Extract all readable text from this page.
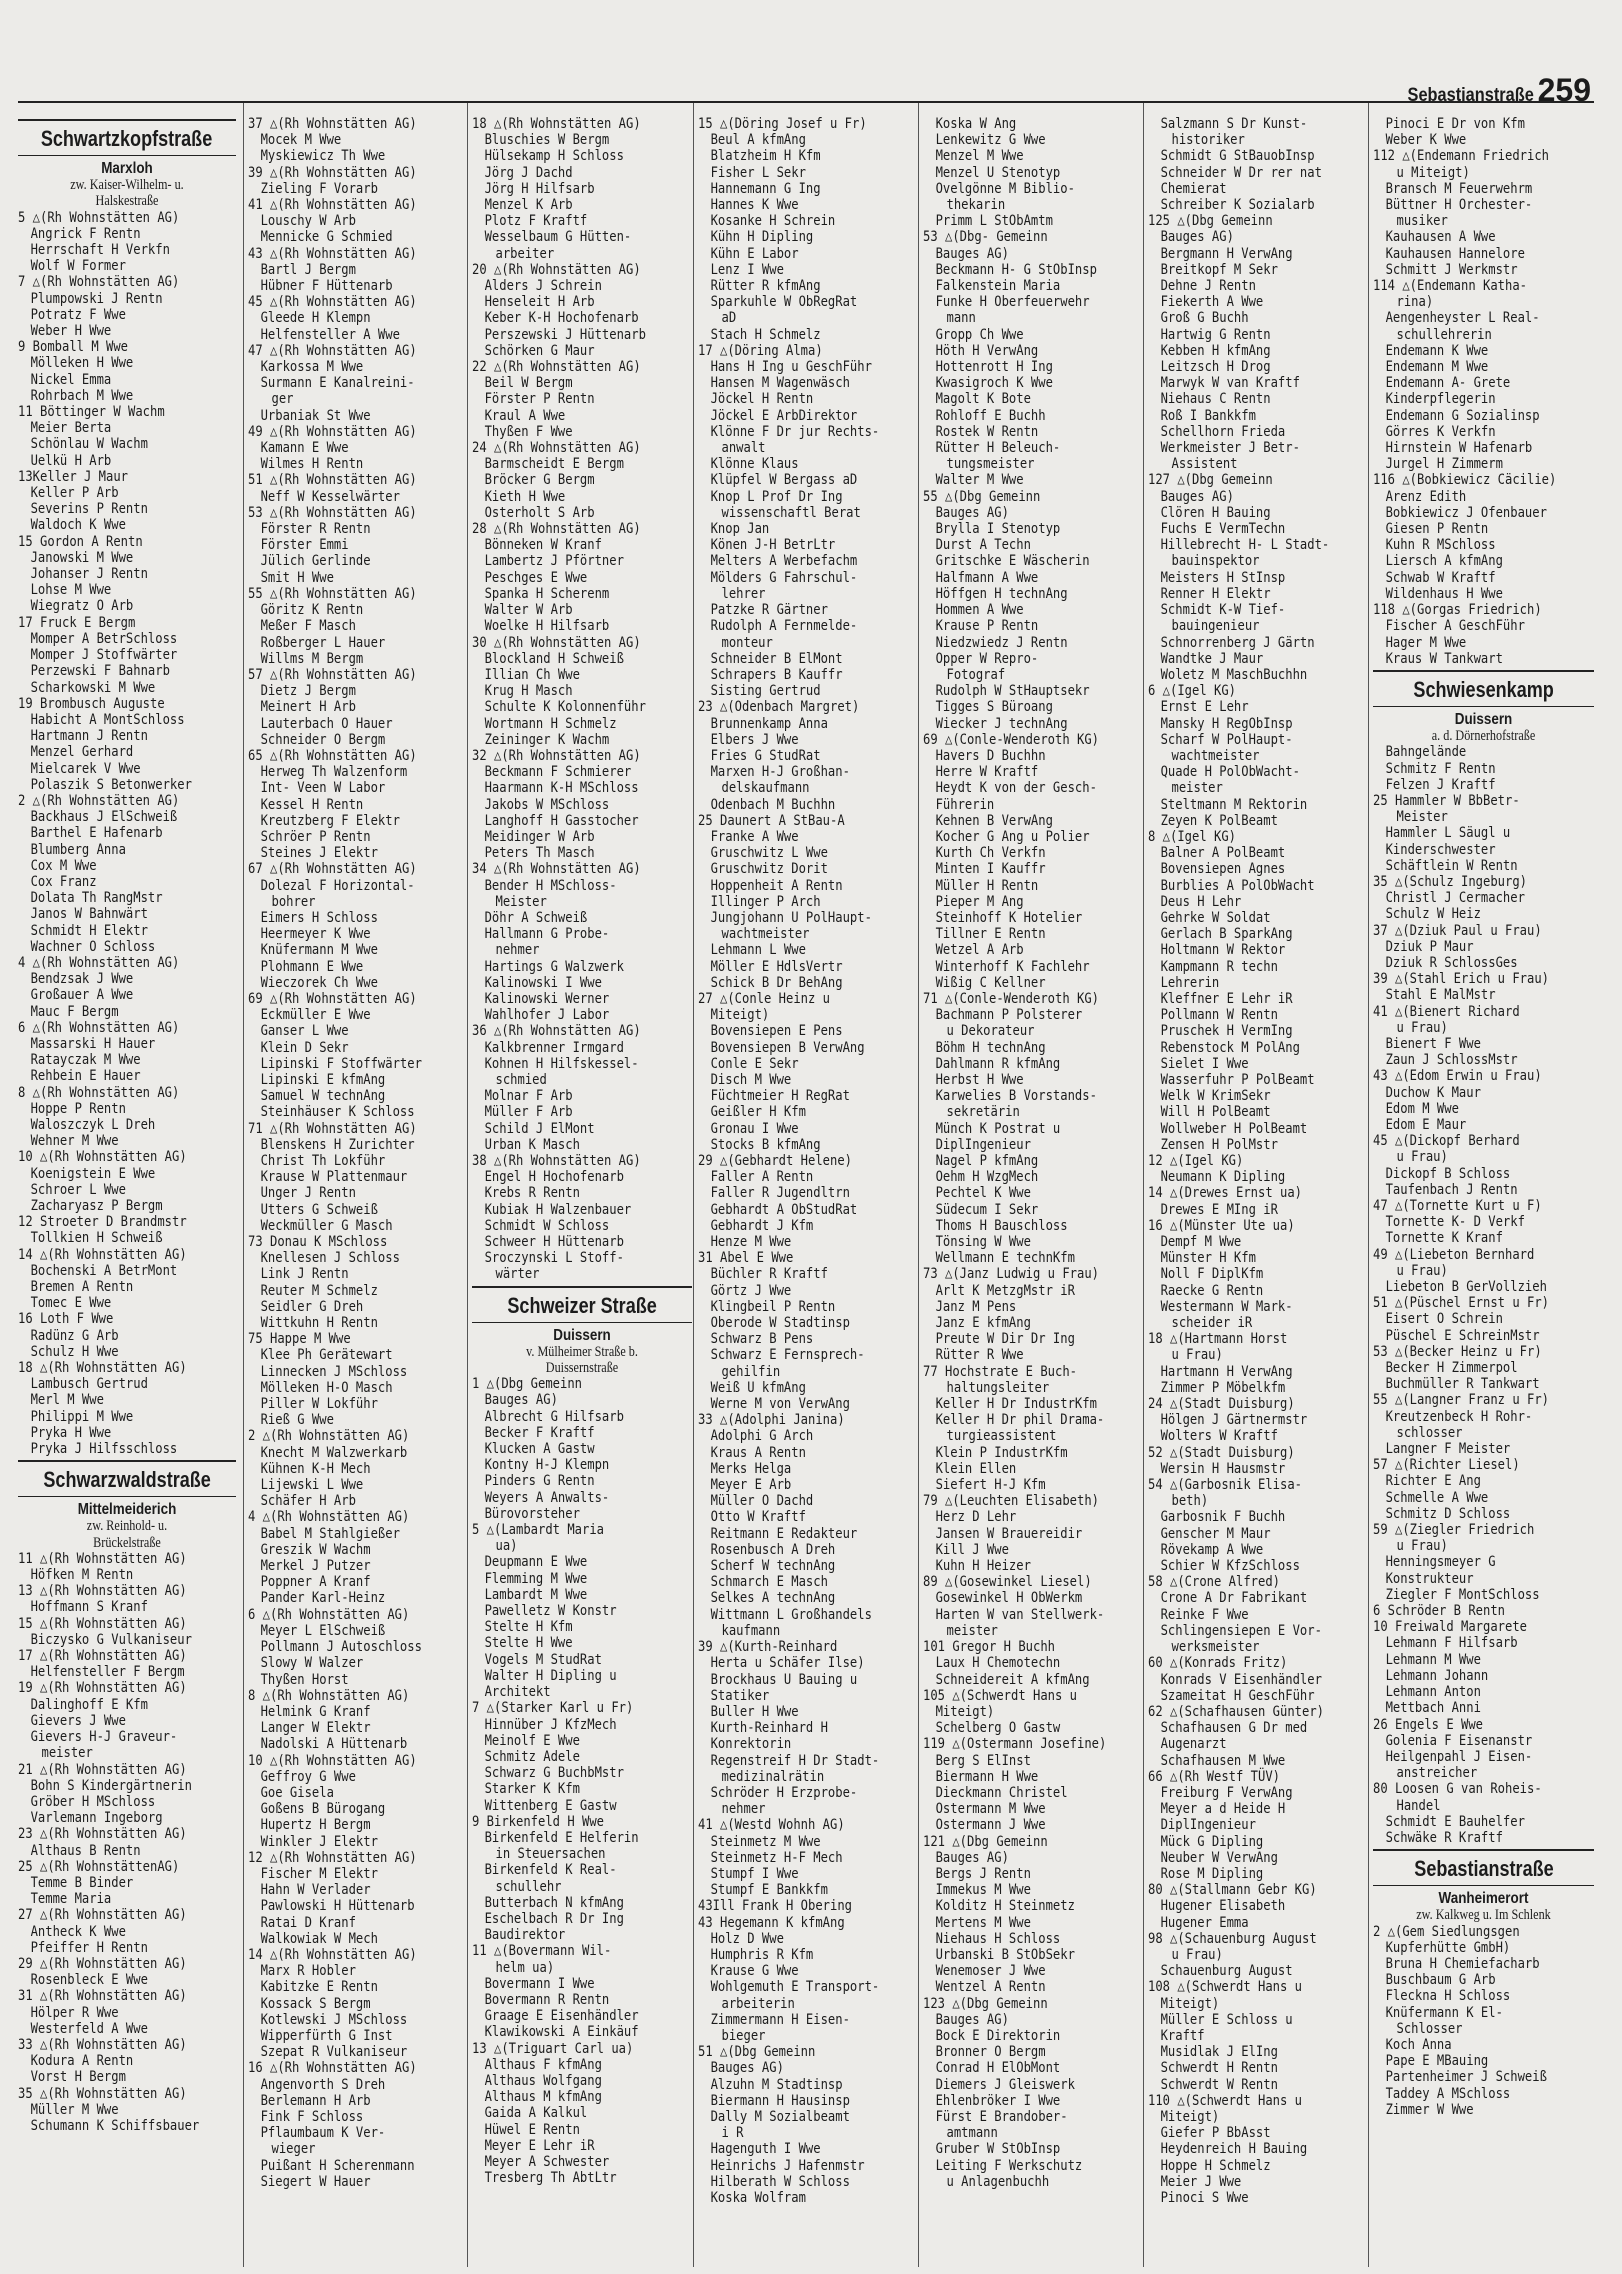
Sebastianstraße 259
Schwartzkopfstraße
Marxloh
zw. Kaiser-Wilhelm- u.
Halskestraße
5 △(Rh Wohnstätten AG)
Angrick F Rentn
Herrschaft H Verkfn
Wolf W Former
7 △(Rh Wohnstätten AG)
Plumpowski J Rentn
Potratz F Wwe
Weber H Wwe
9 Bomball M Wwe
Mölleken H Wwe
Nickel Emma
Rohrbach M Wwe
11 Böttinger W Wachm
Meier Berta
Schönlau W Wachm
Uelkü H Arb
13Keller J Maur
Keller P Arb
Severins P Rentn
Waldoch K Wwe
15 Gordon A Rentn
Janowski M Wwe
Johanser J Rentn
Lohse M Wwe
Wiegratz O Arb
17 Fruck E Bergm
Momper A BetrSchloss
Momper J Stoffwärter
Perzewski F Bahnarb
Scharkowski M Wwe
19 Brombusch Auguste
Habicht A MontSchloss
Hartmann J Rentn
Menzel Gerhard
Mielcarek V Wwe
Polaszik S Betonwerker
2 △(Rh Wohnstätten AG)
Backhaus J ElSchweiß
Barthel E Hafenarb
Blumberg Anna
Cox M Wwe
Cox Franz
Dolata Th RangMstr
Janos W Bahnwärt
Schmidt H Elektr
Wachner O Schloss
4 △(Rh Wohnstätten AG)
Bendzsak J Wwe
Großauer A Wwe
Mauc F Bergm
6 △(Rh Wohnstätten AG)
Massarski H Hauer
Ratayczak M Wwe
Rehbein E Hauer
8 △(Rh Wohnstätten AG)
Hoppe P Rentn
Waloszczyk L Dreh
Wehner M Wwe
10 △(Rh Wohnstätten AG)
Koenigstein E Wwe
Schroer L Wwe
Zacharyasz P Bergm
12 Stroeter D Brandmstr
Tollkien H Schweiß
14 △(Rh Wohnstätten AG)
Bochenski A BetrMont
Bremen A Rentn
Tomec E Wwe
16 Loth F Wwe
Radünz G Arb
Schulz H Wwe
18 △(Rh Wohnstätten AG)
Lambusch Gertrud
Merl M Wwe
Philippi M Wwe
Pryka H Wwe
Pryka J Hilfsschloss
Schwarzwaldstraße
Mittelmeiderich
zw. Reinhold- u.
Brückelstraße
11 △(Rh Wohnstätten AG)
Höfken M Rentn
13 △(Rh Wohnstätten AG)
Hoffmann S Kranf
15 △(Rh Wohnstätten AG)
Biczysko G Vulkaniseur
17 △(Rh Wohnstätten AG)
Helfensteller F Bergm
19 △(Rh Wohnstätten AG)
Dalinghoff E Kfm
Gievers J Wwe
Gievers H-J Graveur-
meister
21 △(Rh Wohnstätten AG)
Bohn S Kindergärtnerin
Gröber H MSchloss
Varlemann Ingeborg
23 △(Rh Wohnstätten AG)
Althaus B Rentn
25 △(Rh WohnstättenAG)
Temme B Binder
Temme Maria
27 △(Rh Wohnstätten AG)
Antheck K Wwe
Pfeiffer H Rentn
29 △(Rh Wohnstätten AG)
Rosenbleck E Wwe
31 △(Rh Wohnstätten AG)
Hölper R Wwe
Westerfeld A Wwe
33 △(Rh Wohnstätten AG)
Kodura A Rentn
Vorst H Bergm
35 △(Rh Wohnstätten AG)
Müller M Wwe
Schumann K Schiffsbauer
37 △(Rh Wohnstätten AG)
Mocek M Wwe
Myskiewicz Th Wwe
39 △(Rh Wohnstätten AG)
Zieling F Vorarb
41 △(Rh Wohnstätten AG)
Louschy W Arb
Mennicke G Schmied
43 △(Rh Wohnstätten AG)
Bartl J Bergm
Hübner F Hüttenarb
45 △(Rh Wohnstätten AG)
Gleede H Klempn
Helfensteller A Wwe
47 △(Rh Wohnstätten AG)
Karkossa M Wwe
Surmann E Kanalreini-
ger
Urbaniak St Wwe
49 △(Rh Wohnstätten AG)
Kamann E Wwe
Wilmes H Rentn
51 △(Rh Wohnstätten AG)
Neff W Kesselwärter
53 △(Rh Wohnstätten AG)
Förster R Rentn
Förster Emmi
Jülich Gerlinde
Smit H Wwe
55 △(Rh Wohnstätten AG)
Göritz K Rentn
Meßer F Masch
Roßberger L Hauer
Willms M Bergm
57 △(Rh Wohnstätten AG)
Dietz J Bergm
Meinert H Arb
Lauterbach O Hauer
Schneider O Bergm
65 △(Rh Wohnstätten AG)
Herweg Th Walzenform
Int- Veen W Labor
Kessel H Rentn
Kreutzberg F Elektr
Schröer P Rentn
Steines J Elektr
67 △(Rh Wohnstätten AG)
Dolezal F Horizontal-
bohrer
Eimers H Schloss
Heermeyer K Wwe
Knüfermann M Wwe
Plohmann E Wwe
Wieczorek Ch Wwe
69 △(Rh Wohnstätten AG)
Eckmüller E Wwe
Ganser L Wwe
Klein D Sekr
Lipinski F Stoffwärter
Lipinski E kfmAng
Samuel W technAng
Steinhäuser K Schloss
71 △(Rh Wohnstätten AG)
Blenskens H Zurichter
Christ Th Lokführ
Krause W Plattenmaur
Unger J Rentn
Utters G Schweiß
Weckmüller G Masch
73 Donau K MSchloss
Knellesen J Schloss
Link J Rentn
Reuter M Schmelz
Seidler G Dreh
Wittkuhn H Rentn
75 Happe M Wwe
Klee Ph Gerätewart
Linnecken J MSchloss
Mölleken H-O Masch
Piller W Lokführ
Rieß G Wwe
2 △(Rh Wohnstätten AG)
Knecht M Walzwerkarb
Kühnen K-H Mech
Lijewski L Wwe
Schäfer H Arb
4 △(Rh Wohnstätten AG)
Babel M Stahlgießer
Greszik W Wachm
Merkel J Putzer
Poppner A Kranf
Pander Karl-Heinz
6 △(Rh Wohnstätten AG)
Meyer L ElSchweiß
Pollmann J Autoschloss
Slowy W Walzer
Thyßen Horst
8 △(Rh Wohnstätten AG)
Helmink G Kranf
Langer W Elektr
Nadolski A Hüttenarb
10 △(Rh Wohnstätten AG)
Geffroy G Wwe
Goe Gisela
Goßens B Bürogang
Hupertz H Bergm
Winkler J Elektr
12 △(Rh Wohnstätten AG)
Fischer M Elektr
Hahn W Verlader
Pawlowski H Hüttenarb
Ratai D Kranf
Walkowiak W Mech
14 △(Rh Wohnstätten AG)
Marx R Hobler
Kabitzke E Rentn
Kossack S Bergm
Kotlewski J MSchloss
Wipperfürth G Inst
Szepat R Vulkaniseur
16 △(Rh Wohnstätten AG)
Angenvorth S Dreh
Berlemann H Arb
Fink F Schloss
Pflaumbaum K Ver-
wieger
Puißant H Scherenmann
Siegert W Hauer
18 △(Rh Wohnstätten AG)
Bluschies W Bergm
Hülsekamp H Schloss
Jörg J Dachd
Jörg H Hilfsarb
Menzel K Arb
Plotz F Kraftf
Wesselbaum G Hütten-
arbeiter
20 △(Rh Wohnstätten AG)
Alders J Schrein
Henseleit H Arb
Keber K-H Hochofenarb
Perszewski J Hüttenarb
Schörken G Maur
22 △(Rh Wohnstätten AG)
Beil W Bergm
Förster P Rentn
Kraul A Wwe
Thyßen F Wwe
24 △(Rh Wohnstätten AG)
Barmscheidt E Bergm
Bröcker G Bergm
Kieth H Wwe
Osterholt S Arb
28 △(Rh Wohnstätten AG)
Bönneken W Kranf
Lambertz J Pförtner
Peschges E Wwe
Spanka H Scherenm
Walter W Arb
Woelke H Hilfsarb
30 △(Rh Wohnstätten AG)
Blockland H Schweiß
Illian Ch Wwe
Krug H Masch
Schulte K Kolonnenführ
Wortmann H Schmelz
Zeininger K Wachm
32 △(Rh Wohnstätten AG)
Beckmann F Schmierer
Haarmann K-H MSchloss
Jakobs W MSchloss
Langhoff H Gasstocher
Meidinger W Arb
Peters Th Masch
34 △(Rh Wohnstätten AG)
Bender H MSchloss-
Meister
Döhr A Schweiß
Hallmann G Probe-
nehmer
Hartings G Walzwerk
Kalinowski I Wwe
Kalinowski Werner
Wahlhofer J Labor
36 △(Rh Wohnstätten AG)
Kalkbrenner Irmgard
Kohnen H Hilfskessel-
schmied
Molnar F Arb
Müller F Arb
Schild J ElMont
Urban K Masch
38 △(Rh Wohnstätten AG)
Engel H Hochofenarb
Krebs R Rentn
Kubiak H Walzenbauer
Schmidt W Schloss
Schweer H Hüttenarb
Sroczynski L Stoff-
wärter
Schweizer Straße
Duissern
v. Mülheimer Straße b.
Duissernstraße
1 △(Dbg Gemeinn
Bauges AG)
Albrecht G Hilfsarb
Becker F Kraftf
Klucken A Gastw
Kontny H-J Klempn
Pinders G Rentn
Weyers A Anwalts-
Bürovorsteher
5 △(Lambardt Maria
ua)
Deupmann E Wwe
Flemming M Wwe
Lambardt M Wwe
Pawelletz W Konstr
Stelte H Kfm
Stelte H Wwe
Vogels M StudRat
Walter H Dipling u
Architekt
7 △(Starker Karl u Fr)
Hinnüber J KfzMech
Meinolf E Wwe
Schmitz Adele
Schwarz G BuchbMstr
Starker K Kfm
Wittenberg E Gastw
9 Birkenfeld H Wwe
Birkenfeld E Helferin
in Steuersachen
Birkenfeld K Real-
schullehr
Butterbach N kfmAng
Eschelbach R Dr Ing
Baudirektor
11 △(Bovermann Wil-
helm ua)
Bovermann I Wwe
Bovermann R Rentn
Graage E Eisenhändler
Klawikowski A Einkäuf
13 △(Triguart Carl ua)
Althaus F kfmAng
Althaus Wolfgang
Althaus M kfmAng
Gaida A Kalkul
Hüwel E Rentn
Meyer E Lehr iR
Meyer A Schwester
Tresberg Th AbtLtr
15 △(Döring Josef u Fr)
Beul A kfmAng
Blatzheim H Kfm
Fisher L Sekr
Hannemann G Ing
Hannes K Wwe
Kosanke H Schrein
Kühn H Dipling
Kühn E Labor
Lenz I Wwe
Rütter R kfmAng
Sparkuhle W ObRegRat
aD
Stach H Schmelz
17 △(Döring Alma)
Hans H Ing u GeschFühr
Hansen M Wagenwäsch
Jöckel H Rentn
Jöckel E ArbDirektor
Klönne F Dr jur Rechts-
anwalt
Klönne Klaus
Klüpfel W Bergass aD
Knop L Prof Dr Ing
wissenschaftl Berat
Knop Jan
Könen J-H BetrLtr
Melters A Werbefachm
Mölders G Fahrschul-
lehrer
Patzke R Gärtner
Rudolph A Fernmelde-
monteur
Schneider B ElMont
Schrapers B Kauffr
Sisting Gertrud
23 △(Odenbach Margret)
Brunnenkamp Anna
Elbers J Wwe
Fries G StudRat
Marxen H-J Großhan-
delskaufmann
Odenbach M Buchhn
25 Daunert A StBau-A
Franke A Wwe
Gruschwitz L Wwe
Gruschwitz Dorit
Hoppenheit A Rentn
Illinger P Arch
Jungjohann U PolHaupt-
wachtmeister
Lehmann L Wwe
Möller E HdlsVertr
Schick B Dr BehAng
27 △(Conle Heinz u
Miteigt)
Bovensiepen E Pens
Bovensiepen B VerwAng
Conle E Sekr
Disch M Wwe
Füchtmeier H RegRat
Geißler H Kfm
Gronau I Wwe
Stocks B kfmAng
29 △(Gebhardt Helene)
Faller A Rentn
Faller R Jugendltrn
Gebhardt A ObStudRat
Gebhardt J Kfm
Henze M Wwe
31 Abel E Wwe
Büchler R Kraftf
Görtz J Wwe
Klingbeil P Rentn
Oberode W Stadtinsp
Schwarz B Pens
Schwarz E Fernsprech-
gehilfin
Weiß U kfmAng
Werne M von VerwAng
33 △(Adolphi Janina)
Adolphi G Arch
Kraus A Rentn
Merks Helga
Meyer E Arb
Müller O Dachd
Otto W Kraftf
Reitmann E Redakteur
Rosenbusch A Dreh
Scherf W technAng
Schmarch E Masch
Selkes A technAng
Wittmann L Großhandels
kaufmann
39 △(Kurth-Reinhard
Herta u Schäfer Ilse)
Brockhaus U Bauing u
Statiker
Buller H Wwe
Kurth-Reinhard H
Konrektorin
Regenstreif H Dr Stadt-
medizinalrätin
Schröder H Erzprobe-
nehmer
41 △(Westd Wohnh AG)
Steinmetz M Wwe
Steinmetz H-F Mech
Stumpf I Wwe
Stumpf E Bankkfm
43Ill Frank H Obering
43 Hegemann K kfmAng
Holz D Wwe
Humphris R Kfm
Krause G Wwe
Wohlgemuth E Transport-
arbeiterin
Zimmermann H Eisen-
bieger
51 △(Dbg Gemeinn
Bauges AG)
Alzuhn M Stadtinsp
Biermann H Hausinsp
Dally M Sozialbeamt
i R
Hagenguth I Wwe
Heinrichs J Hafenmstr
Hilberath W Schloss
Koska Wolfram
Koska W Ang
Lenkewitz G Wwe
Menzel M Wwe
Menzel U Stenotyp
Ovelgönne M Biblio-
thekarin
Primm L StObAmtm
53 △(Dbg- Gemeinn
Bauges AG)
Beckmann H- G StObInsp
Falkenstein Maria
Funke H Oberfeuerwehr
mann
Gropp Ch Wwe
Höth H VerwAng
Hottenrott H Ing
Kwasigroch K Wwe
Magolt K Bote
Rohloff E Buchh
Rostek W Rentn
Rütter H Beleuch-
tungsmeister
Walter M Wwe
55 △(Dbg Gemeinn
Bauges AG)
Brylla I Stenotyp
Durst A Techn
Gritschke E Wäscherin
Halfmann A Wwe
Höffgen H technAng
Hommen A Wwe
Krause P Rentn
Niedzwiedz J Rentn
Opper W Repro-
Fotograf
Rudolph W StHauptsekr
Tigges S Büroang
Wiecker J technAng
69 △(Conle-Wenderoth KG)
Havers D Buchhn
Herre W Kraftf
Heydt K von der Gesch-
Führerin
Kehnen B VerwAng
Kocher G Ang u Polier
Kurth Ch Verkfn
Minten I Kauffr
Müller H Rentn
Pieper M Ang
Steinhoff K Hotelier
Tillner E Rentn
Wetzel A Arb
Winterhoff K Fachlehr
Wißig C Kellner
71 △(Conle-Wenderoth KG)
Bachmann P Polsterer
u Dekorateur
Böhm H technAng
Dahlmann R kfmAng
Herbst H Wwe
Karwelies B Vorstands-
sekretärin
Münch K Postrat u
DiplIngenieur
Nagel P kfmAng
Oehm H WzgMech
Pechtel K Wwe
Südecum I Sekr
Thoms H Bauschloss
Tönsing W Wwe
Wellmann E technKfm
73 △(Janz Ludwig u Frau)
Arlt K MetzgMstr iR
Janz M Pens
Janz E kfmAng
Preute W Dir Dr Ing
Rütter R Wwe
77 Hochstrate E Buch-
haltungsleiter
Keller H Dr IndustrKfm
Keller H Dr phil Drama-
turgieassistent
Klein P IndustrKfm
Klein Ellen
Siefert H-J Kfm
79 △(Leuchten Elisabeth)
Herz D Lehr
Jansen W Brauereidir
Kill J Wwe
Kuhn H Heizer
89 △(Gosewinkel Liesel)
Gosewinkel H ObWerkm
Harten W van Stellwerk-
meister
101 Gregor H Buchh
Laux H Chemotechn
Schneidereit A kfmAng
105 △(Schwerdt Hans u
Miteigt)
Schelberg O Gastw
119 △(Ostermann Josefine)
Berg S ElInst
Biermann H Wwe
Dieckmann Christel
Ostermann M Wwe
Ostermann J Wwe
121 △(Dbg Gemeinn
Bauges AG)
Bergs J Rentn
Immekus M Wwe
Kolditz H Steinmetz
Mertens M Wwe
Niehaus H Schloss
Urbanski B StObSekr
Wenemoser J Wwe
Wentzel A Rentn
123 △(Dbg Gemeinn
Bauges AG)
Bock E Direktorin
Bronner O Bergm
Conrad H ElObMont
Diemers J Gleiswerk
Ehlenbröker I Wwe
Fürst E Brandober-
amtmann
Gruber W StObInsp
Leiting F Werkschutz
u Anlagenbuchh
Salzmann S Dr Kunst-
historiker
Schmidt G StBauobInsp
Schneider W Dr rer nat
Chemierat
Schreiber K Sozialarb
125 △(Dbg Gemeinn
Bauges AG)
Bergmann H VerwAng
Breitkopf M Sekr
Dehne J Rentn
Fiekerth A Wwe
Groß G Buchh
Hartwig G Rentn
Kebben H kfmAng
Leitzsch H Drog
Marwyk W van Kraftf
Niehaus C Rentn
Roß I Bankkfm
Schellhorn Frieda
Werkmeister J Betr-
Assistent
127 △(Dbg Gemeinn
Bauges AG)
Clören H Bauing
Fuchs E VermTechn
Hillebrecht H- L Stadt-
bauinspektor
Meisters H StInsp
Renner H Elektr
Schmidt K-W Tief-
bauingenieur
Schnorrenberg J Gärtn
Wandtke J Maur
Woletz M MaschBuchhn
6 △(Igel KG)
Ernst E Lehr
Mansky H RegObInsp
Scharf W PolHaupt-
wachtmeister
Quade H PolObWacht-
meister
Steltmann M Rektorin
Zeyen K PolBeamt
8 △(Igel KG)
Balner A PolBeamt
Bovensiepen Agnes
Burblies A PolObWacht
Deus H Lehr
Gehrke W Soldat
Gerlach B SparkAng
Holtmann W Rektor
Kampmann R techn
Lehrerin
Kleffner E Lehr iR
Pollmann W Rentn
Pruschek H VermIng
Rebenstock M PolAng
Sielet I Wwe
Wasserfuhr P PolBeamt
Welk W KrimSekr
Will H PolBeamt
Wollweber H PolBeamt
Zensen H PolMstr
12 △(Igel KG)
Neumann K Dipling
14 △(Drewes Ernst ua)
Drewes E MIng iR
16 △(Münster Ute ua)
Dempf M Wwe
Münster H Kfm
Noll F DiplKfm
Raecke G Rentn
Westermann W Mark-
scheider iR
18 △(Hartmann Horst
u Frau)
Hartmann H VerwAng
Zimmer P Möbelkfm
24 △(Stadt Duisburg)
Hölgen J Gärtnermstr
Wolters W Kraftf
52 △(Stadt Duisburg)
Wersin H Hausmstr
54 △(Garbosnik Elisa-
beth)
Garbosnik F Buchh
Genscher M Maur
Rövekamp A Wwe
Schier W KfzSchloss
58 △(Crone Alfred)
Crone A Dr Fabrikant
Reinke F Wwe
Schlingensiepen E Vor-
werksmeister
60 △(Konrads Fritz)
Konrads V Eisenhändler
Szameitat H GeschFühr
62 △(Schafhausen Günter)
Schafhausen G Dr med
Augenarzt
Schafhausen M Wwe
66 △(Rh Westf TÜV)
Freiburg F VerwAng
Meyer a d Heide H
DiplIngenieur
Mück G Dipling
Neuber W VerwAng
Rose M Dipling
80 △(Stallmann Gebr KG)
Hugener Elisabeth
Hugener Emma
98 △(Schauenburg August
u Frau)
Schauenburg August
108 △(Schwerdt Hans u
Miteigt)
Müller E Schloss u
Kraftf
Musidlak J ElIng
Schwerdt H Rentn
Schwerdt W Rentn
110 △(Schwerdt Hans u
Miteigt)
Giefer P BbAsst
Heydenreich H Bauing
Hoppe H Schmelz
Meier J Wwe
Pinoci S Wwe
Pinoci E Dr von Kfm
Weber K Wwe
112 △(Endemann Friedrich
u Miteigt)
Bransch M Feuerwehrm
Büttner H Orchester-
musiker
Kauhausen A Wwe
Kauhausen Hannelore
Schmitt J Werkmstr
114 △(Endemann Katha-
rina)
Aengenheyster L Real-
schullehrerin
Endemann K Wwe
Endemann M Wwe
Endemann A- Grete
Kinderpflegerin
Endemann G Sozialinsp
Görres K Verkfn
Hirnstein W Hafenarb
Jurgel H Zimmerm
116 △(Bobkiewicz Cäcilie)
Arenz Edith
Bobkiewicz J Ofenbauer
Giesen P Rentn
Kuhn R MSchloss
Liersch A kfmAng
Schwab W Kraftf
Wildenhaus H Wwe
118 △(Gorgas Friedrich)
Fischer A GeschFühr
Hager M Wwe
Kraus W Tankwart
Schwiesenkamp
Duissern
a. d. Dörnerhofstraße
Bahngelände
Schmitz F Rentn
Felzen J Kraftf
25 Hammler W BbBetr-
Meister
Hammler L Säugl u
Kinderschwester
Schäftlein W Rentn
35 △(Schulz Ingeburg)
Christl J Cermacher
Schulz W Heiz
37 △(Dziuk Paul u Frau)
Dziuk P Maur
Dziuk R SchlossGes
39 △(Stahl Erich u Frau)
Stahl E MalMstr
41 △(Bienert Richard
u Frau)
Bienert F Wwe
Zaun J SchlossMstr
43 △(Edom Erwin u Frau)
Duchow K Maur
Edom M Wwe
Edom E Maur
45 △(Dickopf Berhard
u Frau)
Dickopf B Schloss
Taufenbach J Rentn
47 △(Tornette Kurt u F)
Tornette K- D Verkf
Tornette K Kranf
49 △(Liebeton Bernhard
u Frau)
Liebeton B GerVollzieh
51 △(Püschel Ernst u Fr)
Eisert O Schrein
Püschel E SchreinMstr
53 △(Becker Heinz u Fr)
Becker H Zimmerpol
Buchmüller R Tankwart
55 △(Langner Franz u Fr)
Kreutzenbeck H Rohr-
schlosser
Langner F Meister
57 △(Richter Liesel)
Richter E Ang
Schmelle A Wwe
Schmitz D Schloss
59 △(Ziegler Friedrich
u Frau)
Henningsmeyer G
Konstrukteur
Ziegler F MontSchloss
6 Schröder B Rentn
10 Freiwald Margarete
Lehmann F Hilfsarb
Lehmann M Wwe
Lehmann Johann
Lehmann Anton
Mettbach Anni
26 Engels E Wwe
Golenia F Eisenanstr
Heilgenpahl J Eisen-
anstreicher
80 Loosen G van Roheis-
Handel
Schmidt E Bauhelfer
Schwäke R Kraftf
Sebastianstraße
Wanheimerort
zw. Kalkweg u. Im Schlenk
2 △(Gem Siedlungsgen
Kupferhütte GmbH)
Bruna H Chemiefacharb
Buschbaum G Arb
Fleckna H Schloss
Knüfermann K El-
Schlosser
Koch Anna
Pape E MBauing
Partenheimer J Schweiß
Taddey A MSchloss
Zimmer W Wwe
